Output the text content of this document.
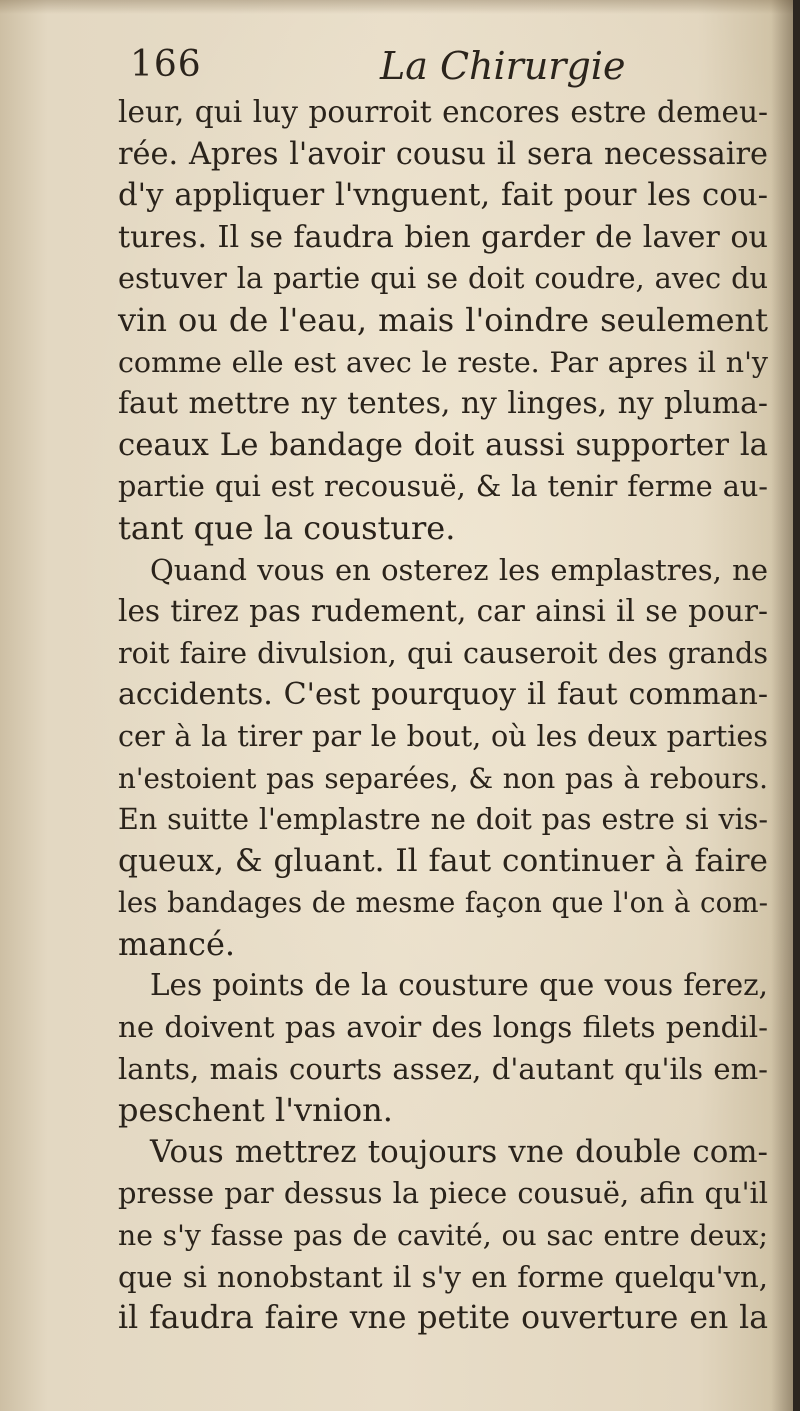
166	La Chirurgie
leur, qui luy pourroit encores estre demeu-
rée. Apres l'avoir cousu il sera necessaire
d'y appliquer l'vnguent, fait pour les cou-
tures. Il se faudra bien garder de laver ou
estuver la partie qui se doit coudre, avec du
vin ou de l'eau, mais l'oindre seulement
comme elle est avec le reste. Par apres il n'y
faut mettre ny tentes, ny linges, ny pluma-
ceaux Le bandage doit aussi supporter la
partie qui est recousuë, & la tenir ferme au-
tant que la cousture.
Quand vous en osterez les emplastres, ne
les tirez pas rudement, car ainsi il se pour-
roit faire divulsion, qui causeroit des grands
accidents. C'est pourquoy il faut comman-
cer à la tirer par le bout, où les deux parties
n'estoient pas separées, & non pas à rebours.
En suitte l'emplastre ne doit pas estre si vis-
queux, & gluant. Il faut continuer à faire
les bandages de mesme façon que l'on à com-
mancé.
Les points de la cousture que vous ferez,
ne doivent pas avoir des longs filets pendil-
lants, mais courts assez, d'autant qu'ils em-
peschent l'vnion.
Vous mettrez toujours vne double com-
presse par dessus la piece cousuë, afin qu'il
ne s'y fasse pas de cavité, ou sac entre deux;
que si nonobstant il s'y en forme quelqu'vn,
il faudra faire vne petite ouverture en la
